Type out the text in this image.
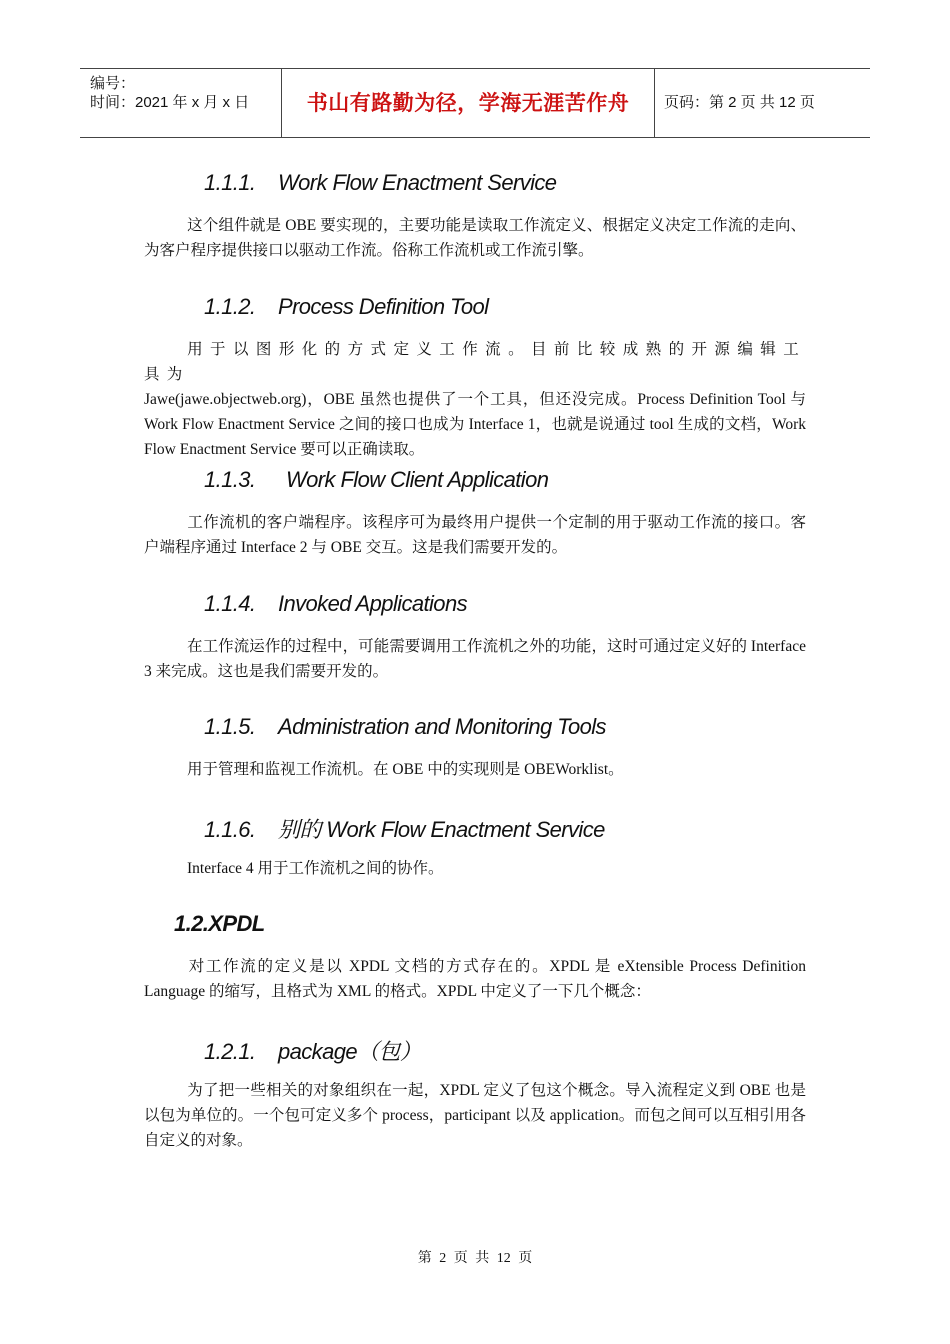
编号：
时间：2021 年 x 月 x 日	书山有路勤为径，学海无涯苦作舟	页码：第 2 页 共 12 页
1.1.1. Work Flow Enactment Service

这个组件就是 OBE 要实现的，主要功能是读取工作流定义、根据定义决定工作流的走向、为客户程序提供接口以驱动工作流。俗称工作流机或工作流引擎。

1.1.2. Process Definition Tool

用于以图形化的方式定义工作流。目前比较成熟的开源编辑工具为
Jawe(jawe.objectweb.org)，OBE 虽然也提供了一个工具，但还没完成。Process Definition Tool 与 Work Flow Enactment Service 之间的接口也成为 Interface 1，也就是说通过 tool 生成的文档，Work Flow Enactment Service 要可以正确读取。

1.1.3. Work Flow Client Application

工作流机的客户端程序。该程序可为最终用户提供一个定制的用于驱动工作流的接口。客户端程序通过 Interface 2 与 OBE 交互。这是我们需要开发的。

1.1.4. Invoked Applications

在工作流运作的过程中，可能需要调用工作流机之外的功能，这时可通过定义好的 Interface 3 来完成。这也是我们需要开发的。

1.1.5. Administration and Monitoring Tools

用于管理和监视工作流机。在 OBE 中的实现则是 OBEWorklist。

1.1.6. 别的 Work Flow Enactment Service

Interface 4 用于工作流机之间的协作。

1.2.XPDL

对工作流的定义是以 XPDL 文档的方式存在的。XPDL 是 eXtensible Process Definition Language 的缩写，且格式为 XML 的格式。XPDL 中定义了一下几个概念：

1.2.1. package（包）

为了把一些相关的对象组织在一起，XPDL 定义了包这个概念。导入流程定义到 OBE 也是以包为单位的。一个包可定义多个 process，participant 以及 application。而包之间可以互相引用各自定义的对象。

第 2 页 共 12 页
